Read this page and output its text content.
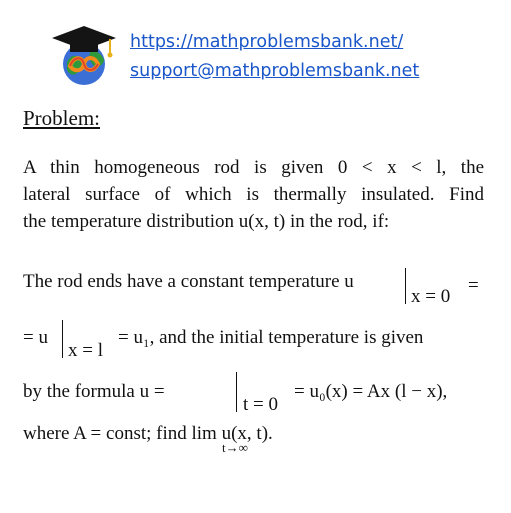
https://mathproblemsbank.net/
support@mathproblemsbank.net
Problem:
A thin homogeneous rod is given 0 < x < l, the
lateral surface of which is thermally insulated. Find
the temperature distribution u(x, t) in the rod, if:
The rod ends have a constant temperature u
x = 0
=
= u
x = l
= u₁, and the initial temperature is given
by the formula u =
t = 0
= u₀(x) = Ax (l − x),
where A = const; find lim u(x, t).
t→∞
